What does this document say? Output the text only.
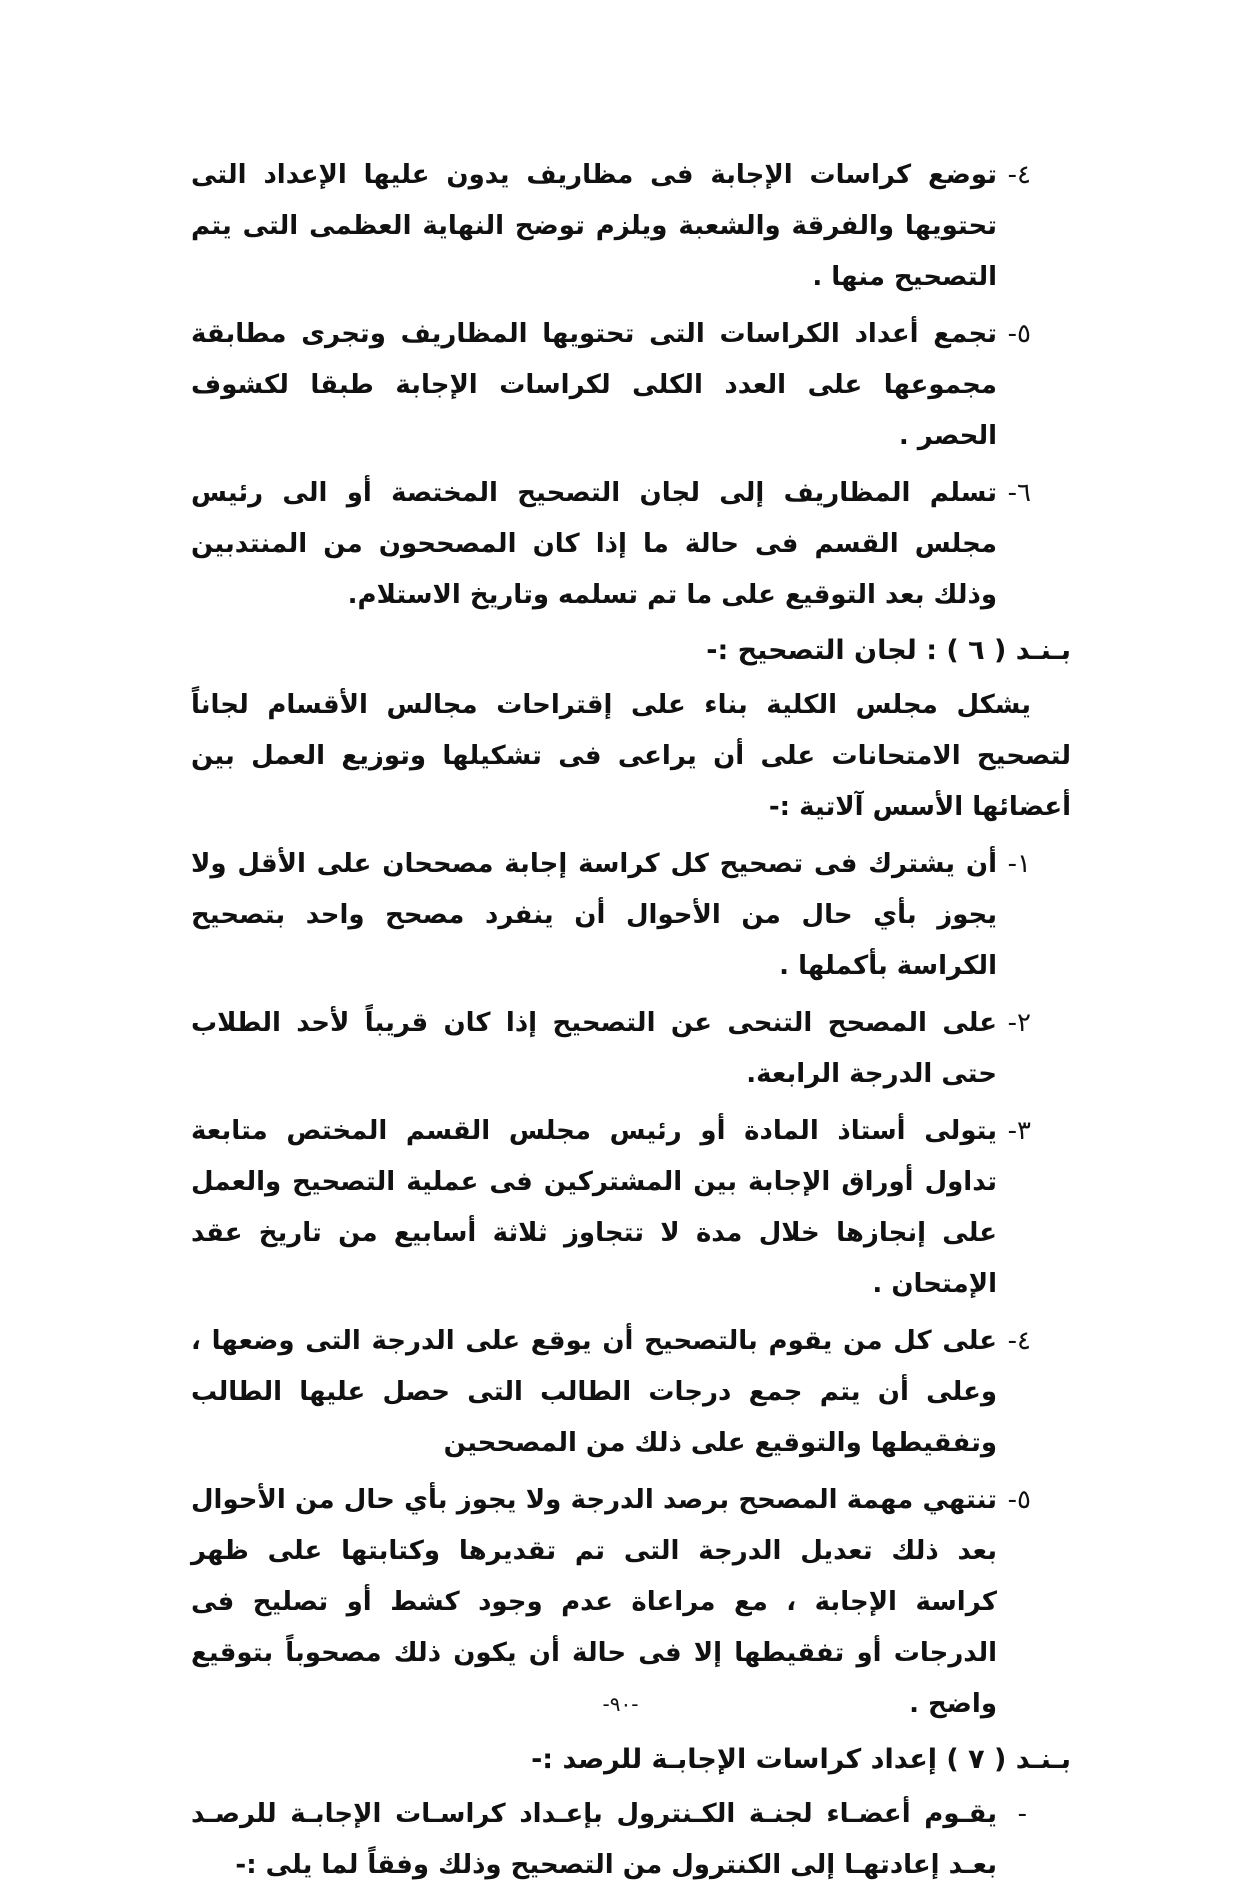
٤-
توضع كراسات الإجابة فى مظاريف يدون عليها الإعداد التى تحتويها والفرقة والشعبة ويلزم توضح النهاية العظمى التى يتم التصحيح منها .
٥-
تجمع أعداد الكراسات التى تحتويها المظاريف وتجرى مطابقة مجموعها على العدد الكلى لكراسات الإجابة طبقا لكشوف الحصر .
٦-
تسلم المظاريف إلى لجان التصحيح المختصة أو الى رئيس مجلس القسم فى حالة ما إذا كان المصححون من المنتدبين وذلك بعد التوقيع على ما تم تسلمه وتاريخ الاستلام.
بـنـد ( ٦ ) : لجان التصحيح :-
يشكل مجلس الكلية بناء على إقتراحات مجالس الأقسام لجاناً لتصحيح الامتحانات على أن يراعى فى تشكيلها وتوزيع العمل بين أعضائها الأسس آلاتية :-
١-
أن يشترك فى تصحيح كل كراسة إجابة مصححان على الأقل ولا يجوز بأي حال من الأحوال أن ينفرد مصحح واحد بتصحيح الكراسة بأكملها .
٢-
على المصحح التنحى عن التصحيح إذا كان قريباً لأحد الطلاب حتى الدرجة الرابعة.
٣-
يتولى أستاذ المادة أو رئيس مجلس القسم المختص متابعة تداول أوراق الإجابة بين المشتركين فى عملية التصحيح والعمل على إنجازها خلال مدة لا تتجاوز ثلاثة أسابيع من تاريخ عقد الإمتحان .
٤-
على كل من يقوم بالتصحيح أن يوقع على الدرجة التى وضعها ، وعلى أن يتم جمع درجات الطالب التى حصل عليها الطالب وتفقيطها والتوقيع على ذلك من المصححين
٥-
تنتهي مهمة المصحح برصد الدرجة ولا يجوز بأي حال من الأحوال بعد ذلك تعديل الدرجة التى تم تقديرها وكتابتها على ظهر كراسة الإجابة ، مع مراعاة عدم وجود كشط أو تصليح فى الدرجات أو تفقيطها إلا فى حالة أن يكون ذلك مصحوباً بتوقيع واضح .
بـنـد ( ٧ ) إعداد كراسات الإجابـة للرصد :-
-
يقـوم أعضـاء لجنـة الكـنترول بإعـداد كراسـات الإجابـة للرصـد بعـد إعادتهـا إلى الكنترول من التصحيح وذلك وفقاً لما يلى :-
-٩٠-
